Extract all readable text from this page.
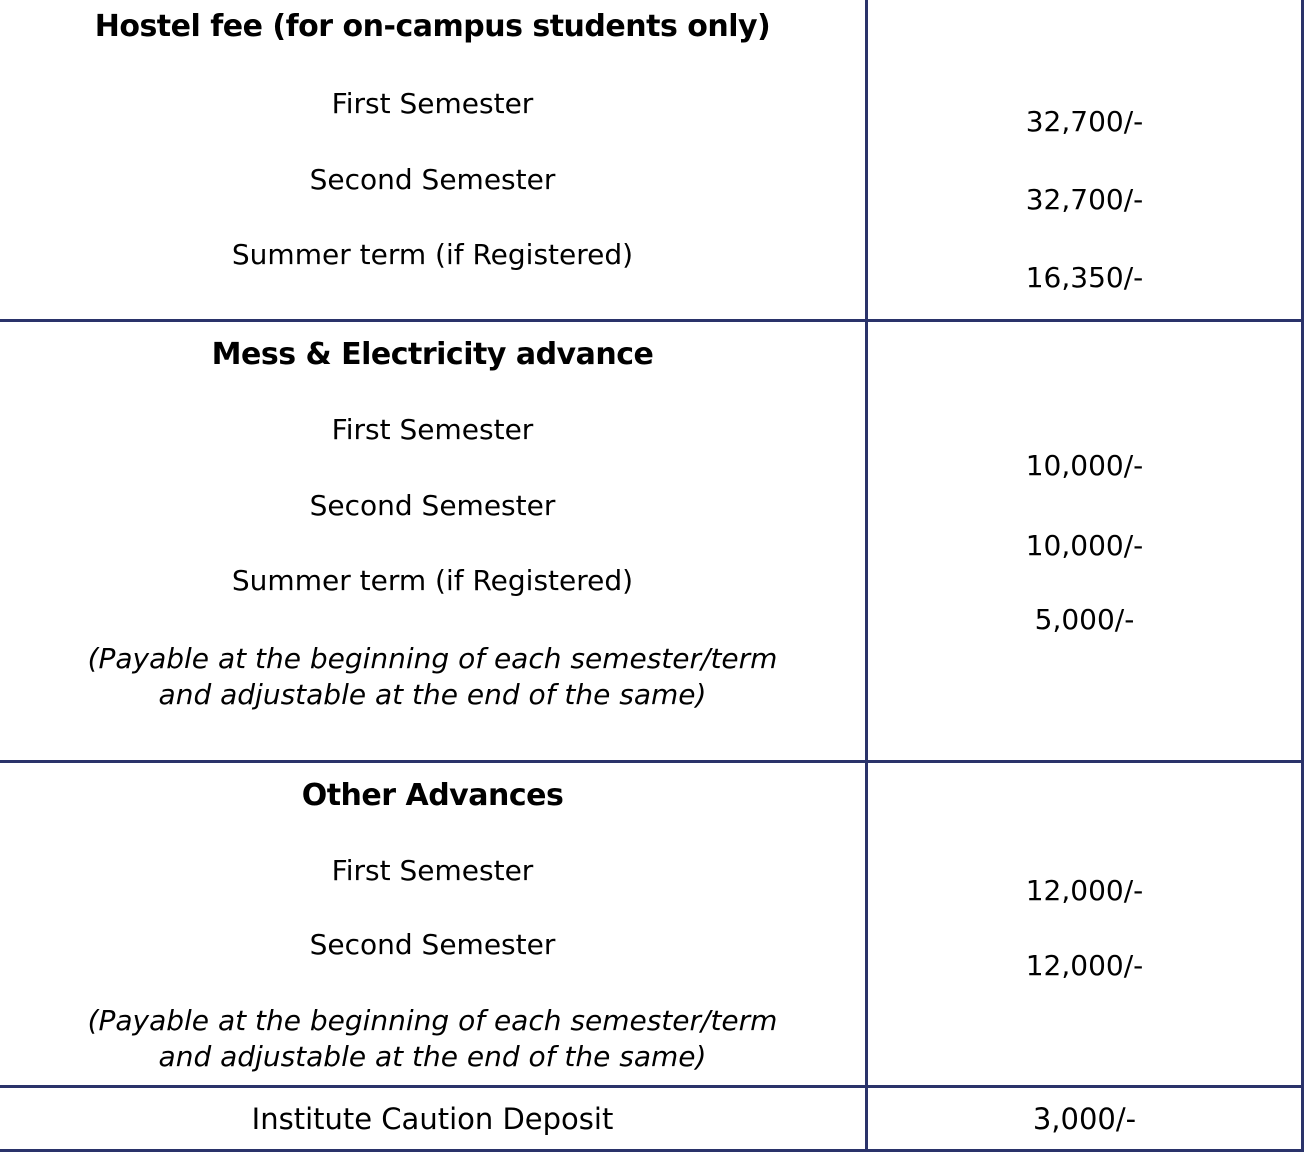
Hostel fee (for on-campus students only)
First Semester
Second Semester
Summer term (if Registered)
32,700/-
32,700/-
16,350/-
Mess & Electricity advance
First Semester
Second Semester
Summer term (if Registered)
(Payable at the beginning of each semester/term
and adjustable at the end of the same)
10,000/-
10,000/-
5,000/-
Other Advances
First Semester
Second Semester
(Payable at the beginning of each semester/term
and adjustable at the end of the same)
12,000/-
12,000/-
Institute Caution Deposit	3,000/-
